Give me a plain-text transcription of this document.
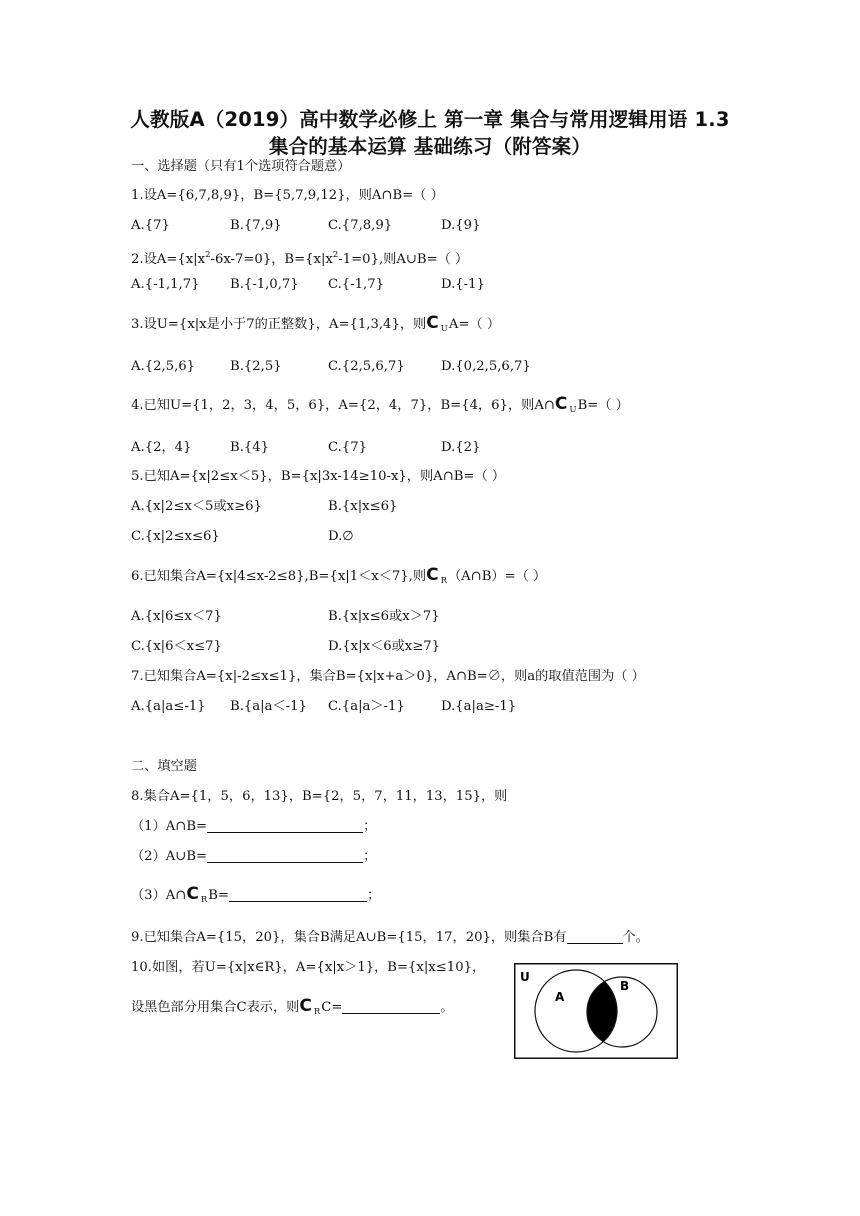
人教版A（2019）高中数学必修上 第一章 集合与常用逻辑用语 1.3
集合的基本运算 基础练习（附答案）
一、选择题（只有1个选项符合题意）
1.设A={6,7,8,9}，B={5,7,9,12}，则A∩B=（ ）
A.{7}	B.{7,9}	C.{7,8,9}	D.{9}
2.设$A=\{x|x^2-6x-7=0\}$，$B=\{x|x^2-1=0\}$,则A∪B=（ ）
A.{-1,1,7} B.{-1,0,7} C.{-1,7}	D.{-1}
3.设U={x|x是小于7的正整数}，A={1,3,4}，则C $_U$A=（ ）
A.{2,5,6}	B.{2,5}	C.{2,5,6,7}	D.{0,2,5,6,7}
4.已知U={1，2，3，4，5，6}，A={2，4，7}，B={4，6}，则A∩C $_U$B=（ ）
A.{2，4}	B.{4}	C.{7}	D.{2}
5.已知A={x|2≤x＜5}，B={x|3x-14≥10-x}，则A∩B=（ ）
A.{x|2≤x＜5或x≥6}	B.{x|x≤6}
C.{x|2≤x≤6}	D.∅
6.已知集合A={x|4≤x-2≤8},B={x|1＜x＜7},则C $_R$（A∩B）=（ ）
A.{x|6≤x＜7}	B.{x|x≤6或x＞7}
C.{x|6＜x≤7}	D.{x|x＜6或x≥7}
7.已知集合A={x|-2≤x≤1}，集合B={x|x+a＞0}，A∩B=∅，则a的取值范围为（ ）
A.{a|a≤-1} B.{a|a＜-1} C.{a|a＞-1}	D.{a|a≥-1}
二、填空题
8.集合A={1，5，6，13}，B={2，5，7，11，13，15}，则
（1）A∩B=	；
（2）A∪B=	；
（3）A∩C $_R$B=	；
9.已知集合A={15，20}，集合B满足A∪B={15，17，20}，则集合B有	个。
10.如图，若U={x|x∈R}，A={x|x＞1}，B={x|x≤10}，
设黑色部分用集合C表示，则C $_R$C=	。
U
A
B
